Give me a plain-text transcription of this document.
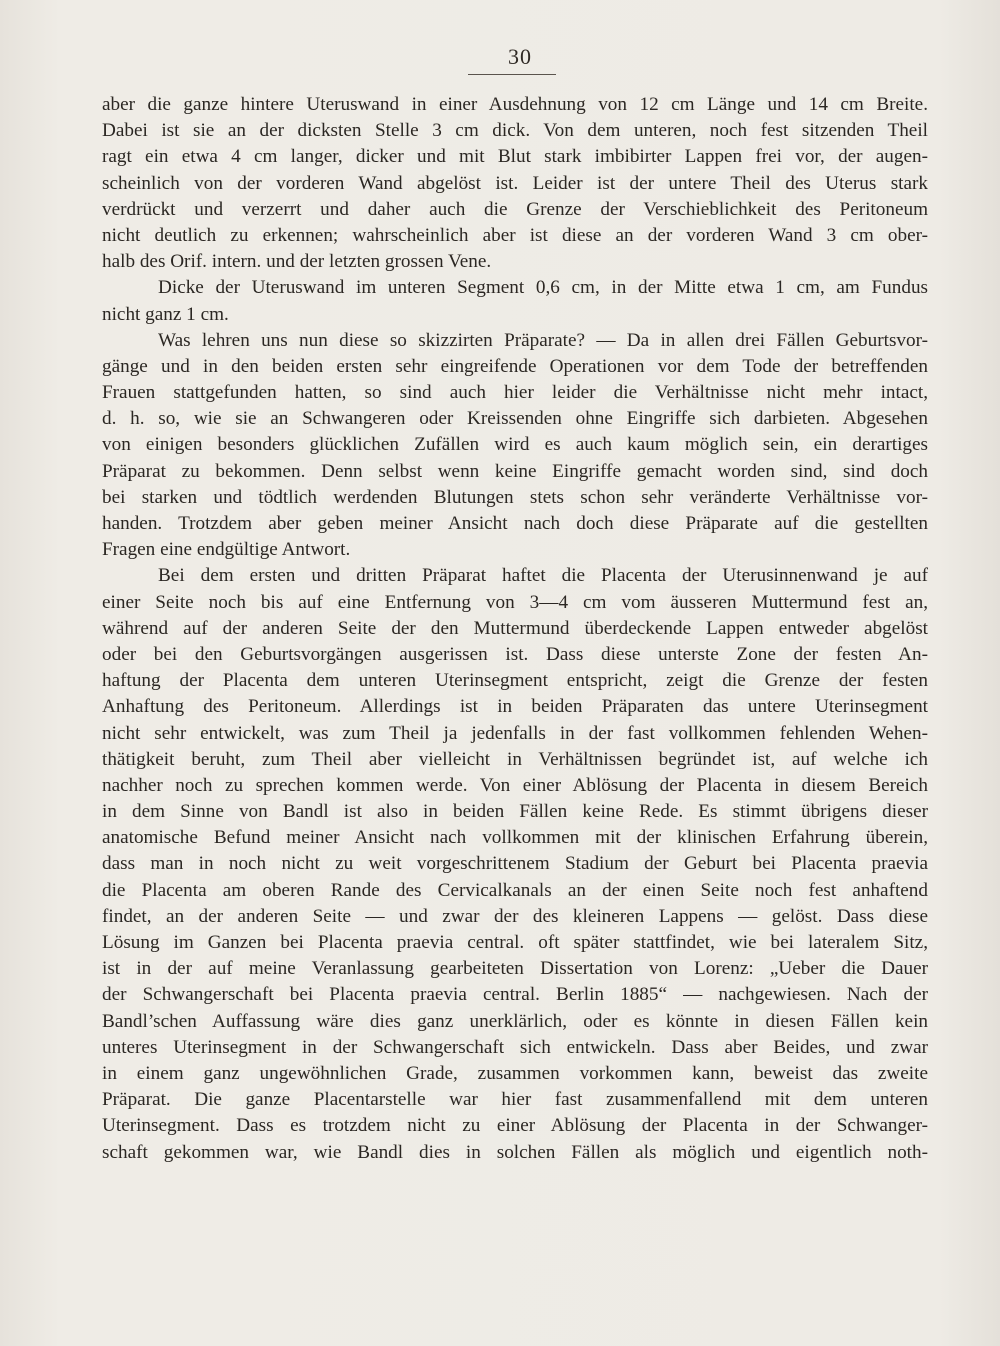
30
aber die ganze hintere Uteruswand in einer Ausdehnung von 12 cm Länge und 14 cm Breite.
Dabei ist sie an der dicksten Stelle 3 cm dick. Von dem unteren, noch fest sitzenden Theil
ragt ein etwa 4 cm langer, dicker und mit Blut stark imbibirter Lappen frei vor, der augen-
scheinlich von der vorderen Wand abgelöst ist. Leider ist der untere Theil des Uterus stark
verdrückt und verzerrt und daher auch die Grenze der Verschieblichkeit des Peritoneum
nicht deutlich zu erkennen; wahrscheinlich aber ist diese an der vorderen Wand 3 cm ober-
halb des Orif. intern. und der letzten grossen Vene.
Dicke der Uteruswand im unteren Segment 0,6 cm, in der Mitte etwa 1 cm, am Fundus
nicht ganz 1 cm.
Was lehren uns nun diese so skizzirten Präparate? — Da in allen drei Fällen Geburtsvor-
gänge und in den beiden ersten sehr eingreifende Operationen vor dem Tode der betreffenden
Frauen stattgefunden hatten, so sind auch hier leider die Verhältnisse nicht mehr intact,
d. h. so, wie sie an Schwangeren oder Kreissenden ohne Eingriffe sich darbieten. Abgesehen
von einigen besonders glücklichen Zufällen wird es auch kaum möglich sein, ein derartiges
Präparat zu bekommen. Denn selbst wenn keine Eingriffe gemacht worden sind, sind doch
bei starken und tödtlich werdenden Blutungen stets schon sehr veränderte Verhältnisse vor-
handen. Trotzdem aber geben meiner Ansicht nach doch diese Präparate auf die gestellten
Fragen eine endgültige Antwort.
Bei dem ersten und dritten Präparat haftet die Placenta der Uterusinnenwand je auf
einer Seite noch bis auf eine Entfernung von 3—4 cm vom äusseren Muttermund fest an,
während auf der anderen Seite der den Muttermund überdeckende Lappen entweder abgelöst
oder bei den Geburtsvorgängen ausgerissen ist. Dass diese unterste Zone der festen An-
haftung der Placenta dem unteren Uterinsegment entspricht, zeigt die Grenze der festen
Anhaftung des Peritoneum. Allerdings ist in beiden Präparaten das untere Uterinsegment
nicht sehr entwickelt, was zum Theil ja jedenfalls in der fast vollkommen fehlenden Wehen-
thätigkeit beruht, zum Theil aber vielleicht in Verhältnissen begründet ist, auf welche ich
nachher noch zu sprechen kommen werde. Von einer Ablösung der Placenta in diesem Bereich
in dem Sinne von Bandl ist also in beiden Fällen keine Rede. Es stimmt übrigens dieser
anatomische Befund meiner Ansicht nach vollkommen mit der klinischen Erfahrung überein,
dass man in noch nicht zu weit vorgeschrittenem Stadium der Geburt bei Placenta praevia
die Placenta am oberen Rande des Cervicalkanals an der einen Seite noch fest anhaftend
findet, an der anderen Seite — und zwar der des kleineren Lappens — gelöst. Dass diese
Lösung im Ganzen bei Placenta praevia central. oft später stattfindet, wie bei lateralem Sitz,
ist in der auf meine Veranlassung gearbeiteten Dissertation von Lorenz: „Ueber die Dauer
der Schwangerschaft bei Placenta praevia central. Berlin 1885“ — nachgewiesen. Nach der
Bandl’schen Auffassung wäre dies ganz unerklärlich, oder es könnte in diesen Fällen kein
unteres Uterinsegment in der Schwangerschaft sich entwickeln. Dass aber Beides, und zwar
in einem ganz ungewöhnlichen Grade, zusammen vorkommen kann, beweist das zweite
Präparat. Die ganze Placentarstelle war hier fast zusammenfallend mit dem unteren
Uterinsegment. Dass es trotzdem nicht zu einer Ablösung der Placenta in der Schwanger-
schaft gekommen war, wie Bandl dies in solchen Fällen als möglich und eigentlich noth-
